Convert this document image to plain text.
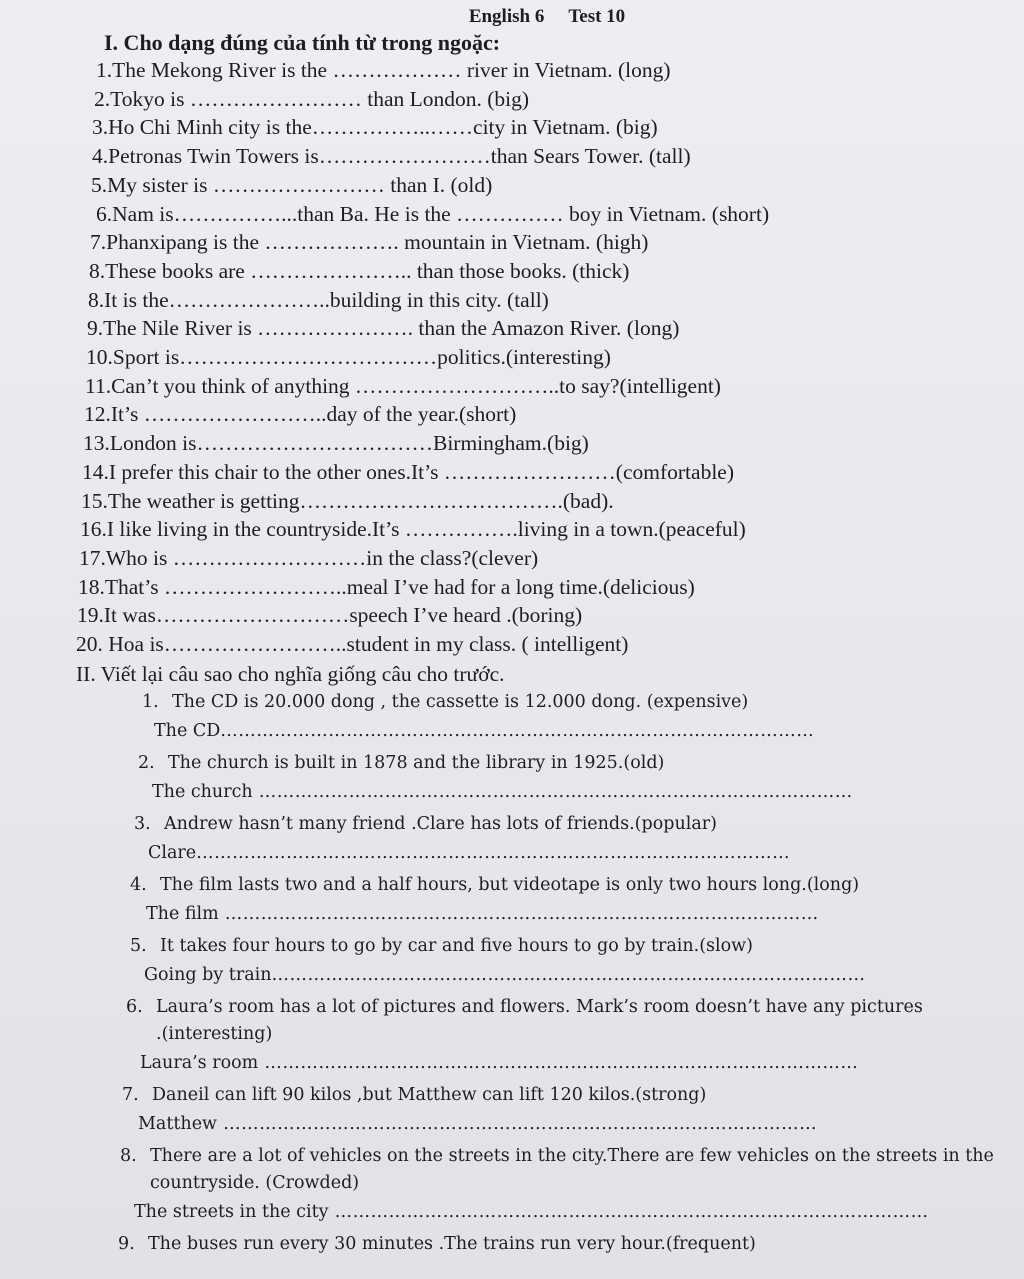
English 6 Test 10
I. Cho dạng đúng của tính từ trong ngoặc:
1.The Mekong River is the ……………… river in Vietnam. (long)
2.Tokyo is …………………… than London. (big)
3.Ho Chi Minh city is the……………..……city in Vietnam. (big)
4.Petronas Twin Towers is……………………than Sears Tower. (tall)
5.My sister is …………………… than I. (old)
6.Nam is……………...than Ba. He is the …………… boy in Vietnam. (short)
7.Phanxipang is the ………………. mountain in Vietnam. (high)
8.These books are ………………….. than those books. (thick)
8.It is the…………………..building in this city. (tall)
9.The Nile River is …………………. than the Amazon River. (long)
10.Sport is………………………………politics.(interesting)
11.Can’t you think of anything ………………………..to say?(intelligent)
12.It’s ……………………..day of the year.(short)
13.London is……………………………Birmingham.(big)
14.I prefer this chair to the other ones.It’s ……………………(comfortable)
15.The weather is getting……………………………….(bad).
16.I like living in the countryside.It’s …………….living in a town.(peaceful)
17.Who is ………………………in the class?(clever)
18.That’s ……………………..meal I’ve had for a long time.(delicious)
19.It was………………………speech I’ve heard .(boring)
20. Hoa is……………………..student in my class. ( intelligent)
II. Viết lại câu sao cho nghĩa giống câu cho trước.
1. The CD is 20.000 dong , the cassette is 12.000 dong. (expensive)
The CD………………………………………………………………………………………
2. The church is built in 1878 and the library in 1925.(old)
The church ………………………………………………………………………………………
3. Andrew hasn’t many friend .Clare has lots of friends.(popular)
Clare………………………………………………………………………………………
4. The film lasts two and a half hours, but videotape is only two hours long.(long)
The film ………………………………………………………………………………………
5. It takes four hours to go by car and five hours to go by train.(slow)
Going by train………………………………………………………………………………………
6. Laura’s room has a lot of pictures and flowers. Mark’s room doesn’t have any pictures
.(interesting)
Laura’s room ………………………………………………………………………………………
7. Daneil can lift 90 kilos ,but Matthew can lift 120 kilos.(strong)
Matthew ………………………………………………………………………………………
8. There are a lot of vehicles on the streets in the city.There are few vehicles on the streets in the
countryside. (Crowded)
The streets in the city ………………………………………………………………………………………
9. The buses run every 30 minutes .The trains run very hour.(frequent)
